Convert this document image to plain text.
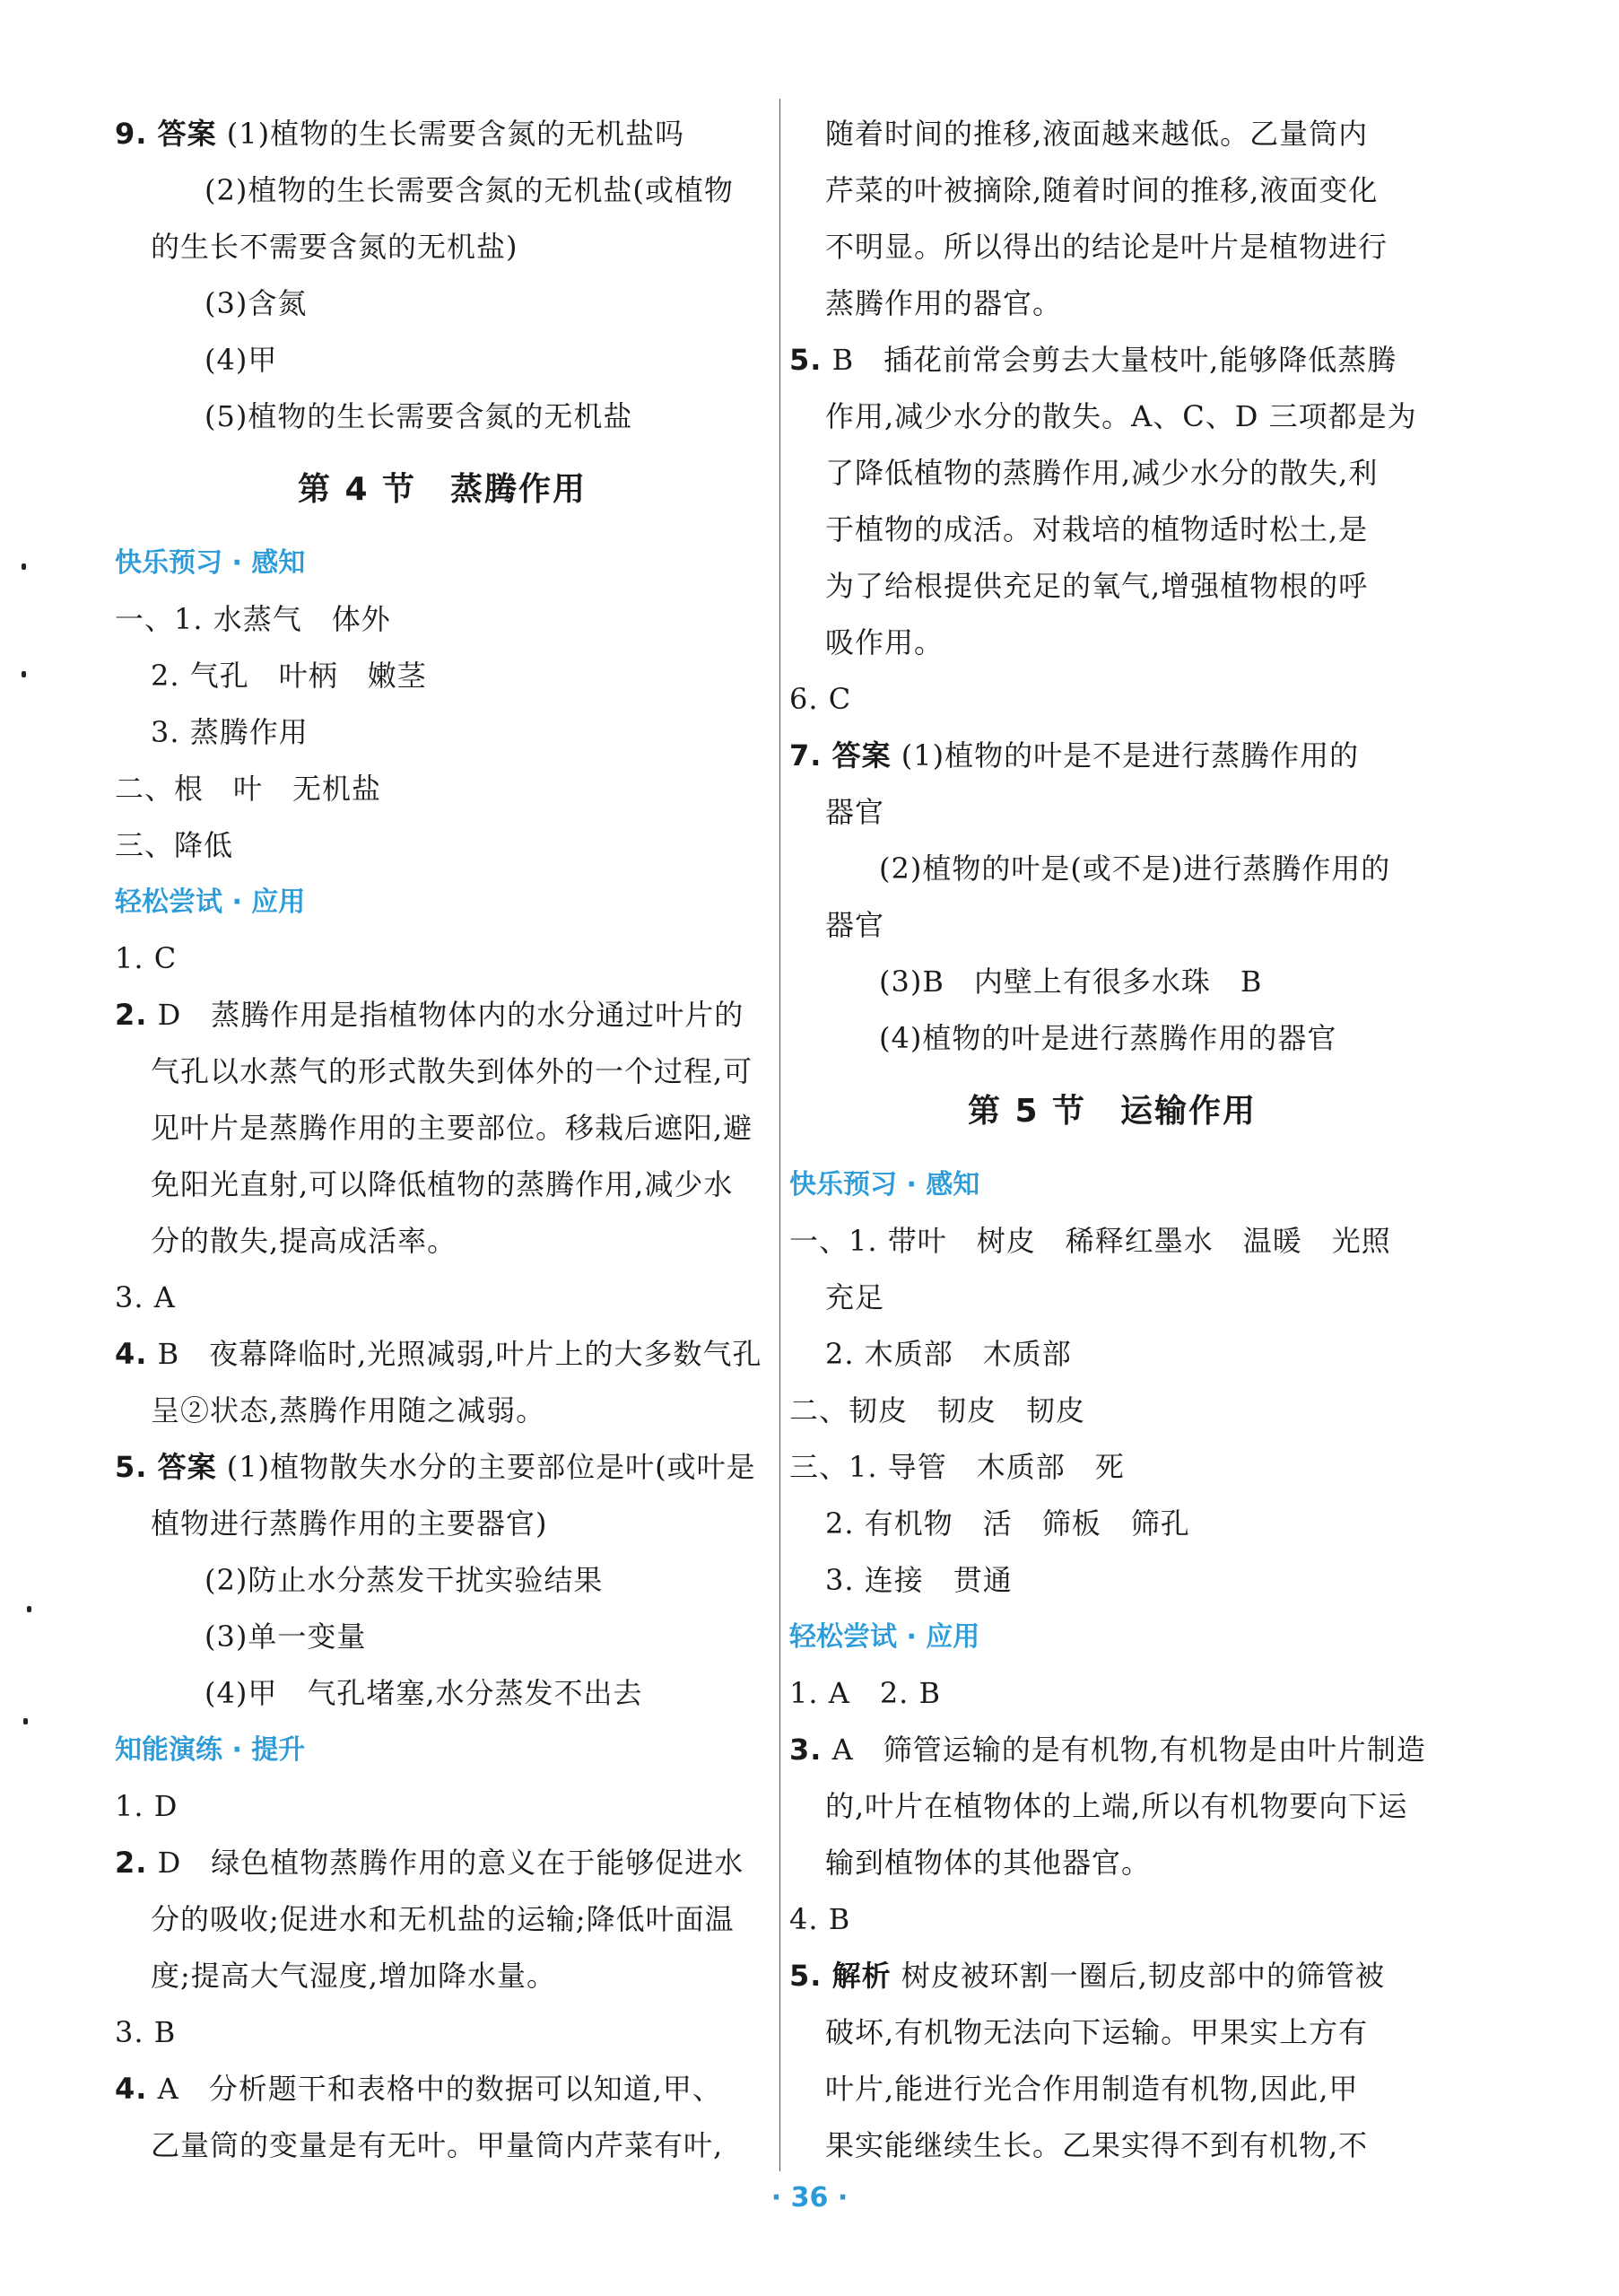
9. 答案 (1)植物的生长需要含氮的无机盐吗
(2)植物的生长需要含氮的无机盐(或植物
的生长不需要含氮的无机盐)
(3)含氮
(4)甲
(5)植物的生长需要含氮的无机盐
第 4 节　蒸腾作用
快乐预习 · 感知
一、1. 水蒸气　体外
2. 气孔　叶柄　嫩茎
3. 蒸腾作用
二、根　叶　无机盐
三、降低
轻松尝试 · 应用
1. C
2. D　蒸腾作用是指植物体内的水分通过叶片的
气孔以水蒸气的形式散失到体外的一个过程,可
见叶片是蒸腾作用的主要部位。移栽后遮阳,避
免阳光直射,可以降低植物的蒸腾作用,减少水
分的散失,提高成活率。
3. A
4. B　夜幕降临时,光照减弱,叶片上的大多数气孔
呈②状态,蒸腾作用随之减弱。
5. 答案 (1)植物散失水分的主要部位是叶(或叶是
植物进行蒸腾作用的主要器官)
(2)防止水分蒸发干扰实验结果
(3)单一变量
(4)甲　气孔堵塞,水分蒸发不出去
知能演练 · 提升
1. D
2. D　绿色植物蒸腾作用的意义在于能够促进水
分的吸收;促进水和无机盐的运输;降低叶面温
度;提高大气湿度,增加降水量。
3. B
4. A　分析题干和表格中的数据可以知道,甲、
乙量筒的变量是有无叶。甲量筒内芹菜有叶,
随着时间的推移,液面越来越低。乙量筒内
芹菜的叶被摘除,随着时间的推移,液面变化
不明显。所以得出的结论是叶片是植物进行
蒸腾作用的器官。
5. B　插花前常会剪去大量枝叶,能够降低蒸腾
作用,减少水分的散失。A、C、D 三项都是为
了降低植物的蒸腾作用,减少水分的散失,利
于植物的成活。对栽培的植物适时松土,是
为了给根提供充足的氧气,增强植物根的呼
吸作用。
6. C
7. 答案 (1)植物的叶是不是进行蒸腾作用的
器官
(2)植物的叶是(或不是)进行蒸腾作用的
器官
(3)B　内壁上有很多水珠　B
(4)植物的叶是进行蒸腾作用的器官
第 5 节　运输作用
快乐预习 · 感知
一、1. 带叶　树皮　稀释红墨水　温暖　光照
充足
2. 木质部　木质部
二、韧皮　韧皮　韧皮
三、1. 导管　木质部　死
2. 有机物　活　筛板　筛孔
3. 连接　贯通
轻松尝试 · 应用
1. A　2. B
3. A　筛管运输的是有机物,有机物是由叶片制造
的,叶片在植物体的上端,所以有机物要向下运
输到植物体的其他器官。
4. B
5. 解析 树皮被环割一圈后,韧皮部中的筛管被
破坏,有机物无法向下运输。甲果实上方有
叶片,能进行光合作用制造有机物,因此,甲
果实能继续生长。乙果实得不到有机物,不
· 36 ·
